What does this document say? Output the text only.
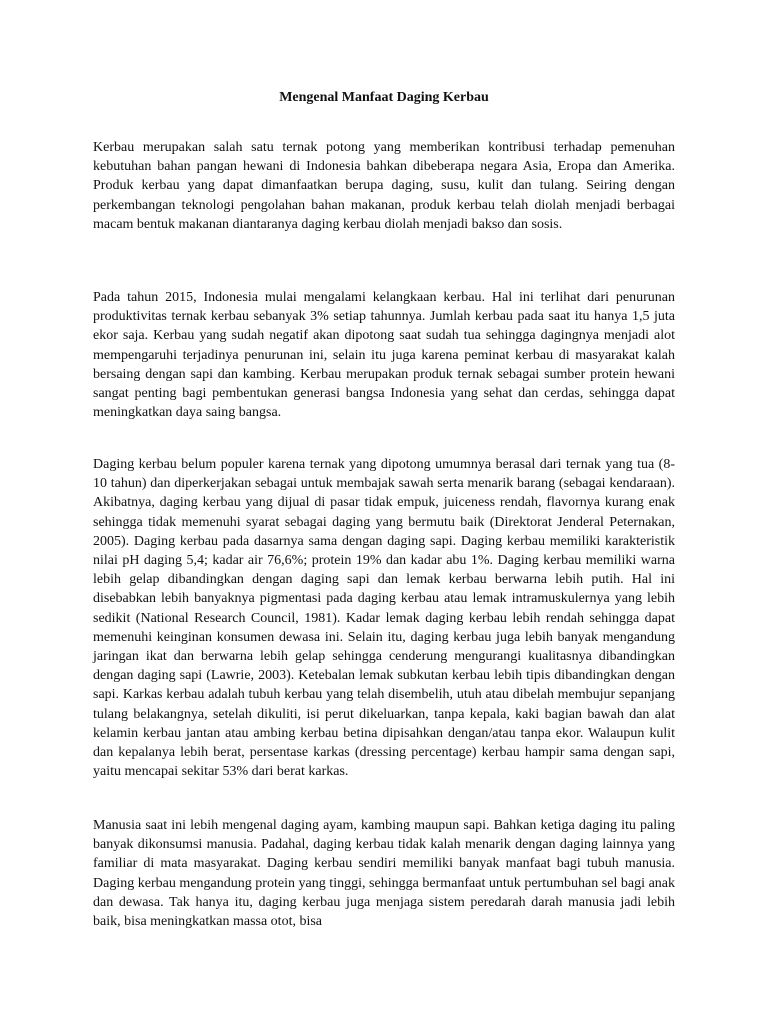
Mengenal Manfaat Daging Kerbau

Kerbau merupakan salah satu ternak potong yang memberikan kontribusi terhadap pemenuhan kebutuhan bahan pangan hewani di Indonesia bahkan dibeberapa negara Asia, Eropa dan Amerika. Produk kerbau yang dapat dimanfaatkan berupa daging, susu, kulit dan tulang. Seiring dengan perkembangan teknologi pengolahan bahan makanan, produk kerbau telah diolah menjadi berbagai macam bentuk makanan diantaranya daging kerbau diolah menjadi bakso dan sosis.

Pada tahun 2015, Indonesia mulai mengalami kelangkaan kerbau. Hal ini terlihat dari penurunan produktivitas ternak kerbau sebanyak 3% setiap tahunnya. Jumlah kerbau pada saat itu hanya 1,5 juta ekor saja. Kerbau yang sudah negatif akan dipotong saat sudah tua sehingga dagingnya menjadi alot mempengaruhi terjadinya penurunan ini, selain itu juga karena peminat kerbau di masyarakat kalah bersaing dengan sapi dan kambing. Kerbau merupakan produk ternak sebagai sumber protein hewani sangat penting bagi pembentukan generasi bangsa Indonesia yang sehat dan cerdas, sehingga dapat meningkatkan daya saing bangsa.

Daging kerbau belum populer karena ternak yang dipotong umumnya berasal dari ternak yang tua (8-10 tahun) dan diperkerjakan sebagai untuk membajak sawah serta menarik barang (sebagai kendaraan). Akibatnya, daging kerbau yang dijual di pasar tidak empuk, juiceness rendah, flavornya kurang enak sehingga tidak memenuhi syarat sebagai daging yang bermutu baik (Direktorat Jenderal Peternakan, 2005). Daging kerbau pada dasarnya sama dengan daging sapi. Daging kerbau memiliki karakteristik nilai pH daging 5,4; kadar air 76,6%; protein 19% dan kadar abu 1%. Daging kerbau memiliki warna lebih gelap dibandingkan dengan daging sapi dan lemak kerbau berwarna lebih putih. Hal ini disebabkan lebih banyaknya pigmentasi pada daging kerbau atau lemak intramuskulernya yang lebih sedikit (National Research Council, 1981). Kadar lemak daging kerbau lebih rendah sehingga dapat memenuhi keinginan konsumen dewasa ini. Selain itu, daging kerbau juga lebih banyak mengandung jaringan ikat dan berwarna lebih gelap sehingga cenderung mengurangi kualitasnya dibandingkan dengan daging sapi (Lawrie, 2003). Ketebalan lemak subkutan kerbau lebih tipis dibandingkan dengan sapi. Karkas kerbau adalah tubuh kerbau yang telah disembelih, utuh atau dibelah membujur sepanjang tulang belakangnya, setelah dikuliti, isi perut dikeluarkan, tanpa kepala, kaki bagian bawah dan alat kelamin kerbau jantan atau ambing kerbau betina dipisahkan dengan/atau tanpa ekor. Walaupun kulit dan kepalanya lebih berat, persentase karkas (dressing percentage) kerbau hampir sama dengan sapi, yaitu mencapai sekitar 53% dari berat karkas.

Manusia saat ini lebih mengenal daging ayam, kambing maupun sapi. Bahkan ketiga daging itu paling banyak dikonsumsi manusia. Padahal, daging kerbau tidak kalah menarik dengan daging lainnya yang familiar di mata masyarakat. Daging kerbau sendiri memiliki banyak manfaat bagi tubuh manusia. Daging kerbau mengandung protein yang tinggi, sehingga bermanfaat untuk pertumbuhan sel bagi anak dan dewasa. Tak hanya itu, daging kerbau juga menjaga sistem peredarah darah manusia jadi lebih baik, bisa meningkatkan massa otot, bisa
